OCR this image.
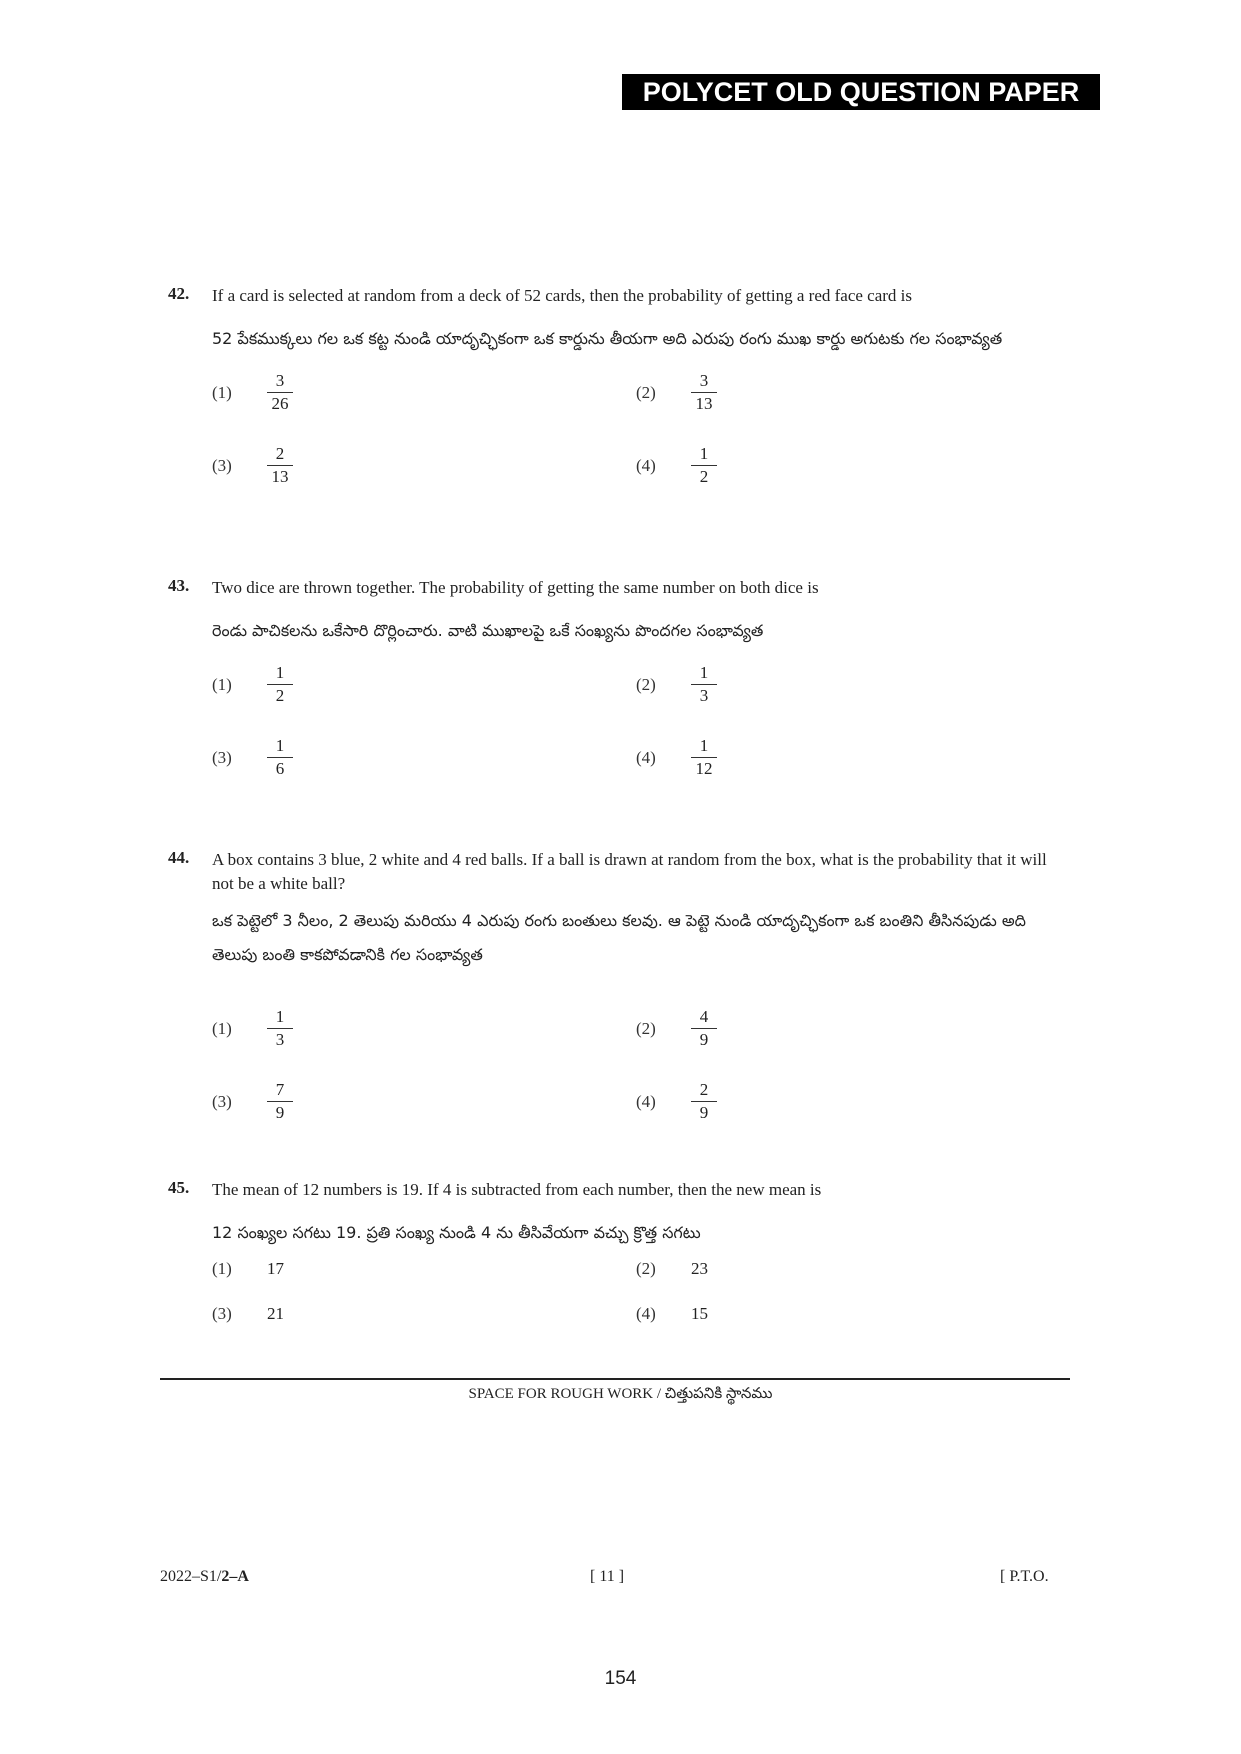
POLYCET OLD QUESTION PAPER
42. If a card is selected at random from a deck of 52 cards, then the probability of getting a red face card is
52 పేకముక్కలు గల ఒక కట్ట నుండి యాదృచ్ఛికంగా ఒక కార్డును తీయగా అది ఎరుపు రంగు ముఖ కార్డు అగుటకు గల సంభావ్యత
(1)	$\frac{3}{26}$	(2)	$\frac{3}{13}$
(3)	$\frac{2}{13}$	(4)	$\frac{1}{2}$
43. Two dice are thrown together. The probability of getting the same number on both dice is
రెండు పాచికలను ఒకేసారి దొర్లించారు. వాటి ముఖాలపై ఒకే సంఖ్యను పొందగల సంభావ్యత
(1)	$\frac{1}{2}$	(2)	$\frac{1}{3}$
(3)	$\frac{1}{6}$	(4)	$\frac{1}{12}$
44. A box contains 3 blue, 2 white and 4 red balls. If a ball is drawn at random from the box, what is the probability that it will not be a white ball?
ఒక పెట్టెలో 3 నీలం, 2 తెలుపు మరియు 4 ఎరుపు రంగు బంతులు కలవు. ఆ పెట్టె నుండి యాదృచ్ఛికంగా ఒక బంతిని తీసినపుడు అది తెలుపు బంతి కాకపోవడానికి గల సంభావ్యత
(1)	$\frac{1}{3}$	(2)	$\frac{4}{9}$
(3)	$\frac{7}{9}$	(4)	$\frac{2}{9}$
45. The mean of 12 numbers is 19. If 4 is subtracted from each number, then the new mean is
12 సంఖ్యల సగటు 19. ప్రతి సంఖ్య నుండి 4 ను తీసివేయగా వచ్చు క్రొత్త సగటు
(1)	17	(2)	23
(3)	21	(4)	15
SPACE FOR ROUGH WORK / చిత్తుపనికి స్థానము
2022–S1/2–A	[ 11 ]	[ P.T.O.
154
